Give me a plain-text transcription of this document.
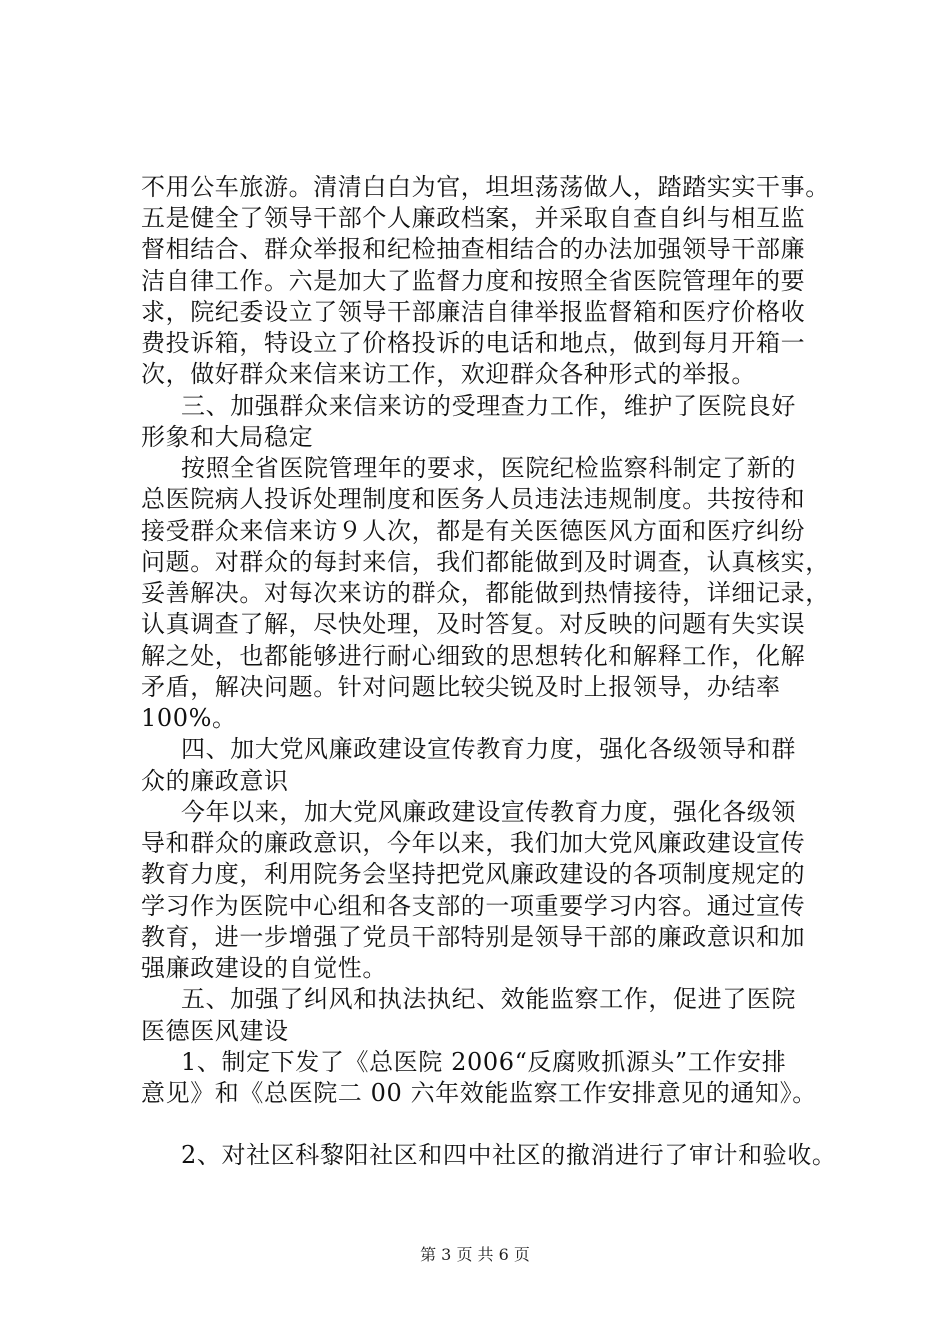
不用公车旅游。清清白白为官，坦坦荡荡做人，踏踏实实干事。
五是健全了领导干部个人廉政档案，并采取自查自纠与相互监
督相结合、群众举报和纪检抽查相结合的办法加强领导干部廉
洁自律工作。六是加大了监督力度和按照全省医院管理年的要
求，院纪委设立了领导干部廉洁自律举报监督箱和医疗价格收
费投诉箱，特设立了价格投诉的电话和地点，做到每月开箱一
次，做好群众来信来访工作，欢迎群众各种形式的举报。
三、加强群众来信来访的受理查力工作，维护了医院良好
形象和大局稳定
按照全省医院管理年的要求，医院纪检监察科制定了新的
总医院病人投诉处理制度和医务人员违法违规制度。共按待和
接受群众来信来访９人次，都是有关医德医风方面和医疗纠纷
问题。对群众的每封来信，我们都能做到及时调查，认真核实，
妥善解决。对每次来访的群众，都能做到热情接待，详细记录，
认真调查了解，尽快处理，及时答复。对反映的问题有失实误
解之处，也都能够进行耐心细致的思想转化和解释工作，化解
矛盾，解决问题。针对问题比较尖锐及时上报领导，办结率
100%。
四、加大党风廉政建设宣传教育力度，强化各级领导和群
众的廉政意识
今年以来，加大党风廉政建设宣传教育力度，强化各级领
导和群众的廉政意识，今年以来，我们加大党风廉政建设宣传
教育力度，利用院务会坚持把党风廉政建设的各项制度规定的
学习作为医院中心组和各支部的一项重要学习内容。通过宣传
教育，进一步增强了党员干部特别是领导干部的廉政意识和加
强廉政建设的自觉性。
五、加强了纠风和执法执纪、效能监察工作，促进了医院
医德医风建设
1、制定下发了《总医院 2006“反腐败抓源头”工作安排
意见》和《总医院二 00 六年效能监察工作安排意见的通知》。
2、对社区科黎阳社区和四中社区的撤消进行了审计和验收。
第 3 页 共 6 页
